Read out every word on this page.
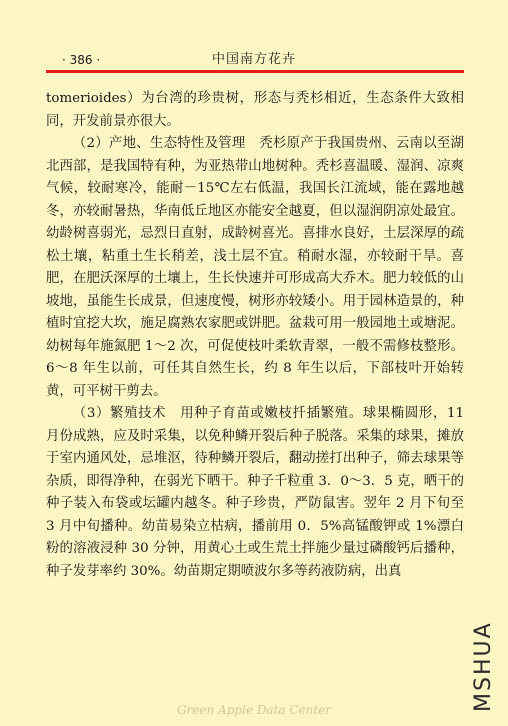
· 386 ·	中国南方花卉

tomerioides）为台湾的珍贵树，形态与秃杉相近，生态条件大致相同，开发前景亦很大。

（2）产地、生态特性及管理　秃杉原产于我国贵州、云南以至湖北西部，是我国特有种，为亚热带山地树种。秃杉喜温暖、湿润、凉爽气候，较耐寒冷，能耐－15℃左右低温，我国长江流域，能在露地越冬，亦较耐暑热，华南低丘地区亦能安全越夏，但以湿润阴凉处最宜。幼龄树喜弱光，忌烈日直射，成龄树喜光。喜排水良好，土层深厚的疏松土壤，粘重土生长稍差，浅土层不宜。稍耐水湿，亦较耐干旱。喜肥，在肥沃深厚的土壤上，生长快速并可形成高大乔木。肥力较低的山坡地，虽能生长成景，但速度慢，树形亦较矮小。用于园林造景的，种植时宜挖大坎，施足腐熟农家肥或饼肥。盆栽可用一般园地土或塘泥。幼树每年施氮肥 1～2 次，可促使枝叶柔软青翠，一般不需修枝整形。6～8 年生以前，可任其自然生长，约 8 年生以后，下部枝叶开始转黄，可平树干剪去。

（3）繁殖技术　用种子育苗或嫩枝扦插繁殖。球果椭圆形，11 月份成熟，应及时采集，以免种鳞开裂后种子脱落。采集的球果，摊放于室内通风处，忌堆沤，待种鳞开裂后，翻动搓打出种子，筛去球果等杂质，即得净种，在弱光下晒干。种子千粒重 3．0～3．5 克，晒干的种子装入布袋或坛罐内越冬。种子珍贵，严防鼠害。翌年 2 月下旬至 3 月中旬播种。幼苗易染立枯病，播前用 0．5%高锰酸钾或 1%漂白粉的溶液浸种 30 分钟，用黄心土或生荒土拌施少量过磷酸钙后播种，种子发芽率约 30%。幼苗期定期喷波尔多等药液防病，出真

MSHUA
Green Apple Data Center
